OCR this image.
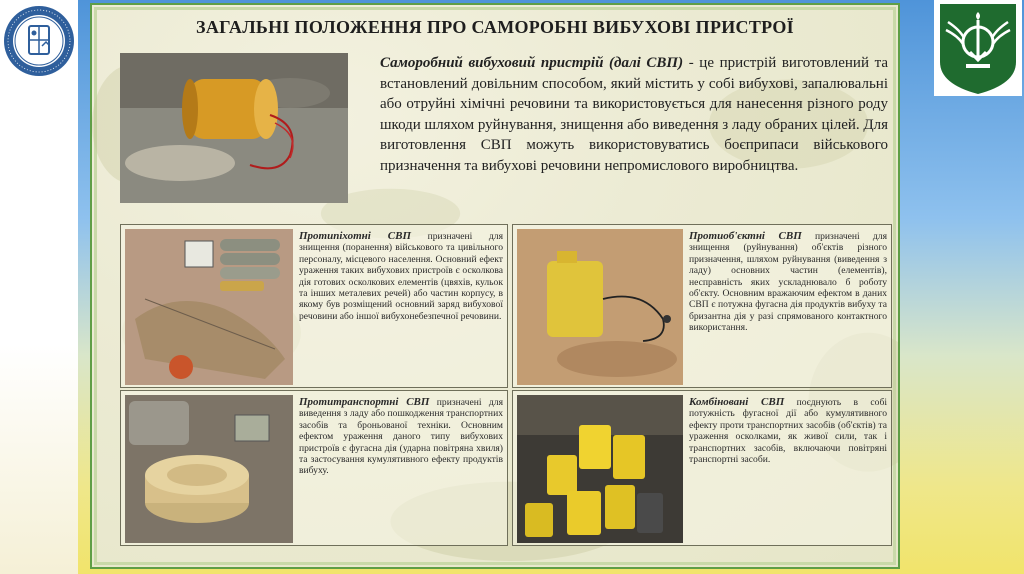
ЗАГАЛЬНІ ПОЛОЖЕННЯ ПРО САМОРОБНІ ВИБУХОВІ ПРИСТРОЇ
Саморобний вибуховий пристрій (далі СВП) - це пристрій виготовлений та встановлений довільним способом, який містить у собі вибухові, запалювальні або отруйні хімічні речовини та використовується для нанесення різного роду шкоди шляхом руйнування, знищення або виведення з ладу обраних цілей. Для виготовлення СВП можуть використовуватись боєприпаси військового призначення та вибухові речовини непромислового виробництва.
Протипіхотні СВП призначені для знищення (поранення) військового та цивільного персоналу, місцевого населення. Основний ефект ураження таких вибухових пристроїв є осколкова дія готових осколкових елементів (цвяхів, кульок та інших металевих речей) або частин корпусу, в якому був розміщений основний заряд вибухової речовини або іншої вибухонебезпечної речовини.
Протиоб'єктні СВП призначені для знищення (руйнування) об'єктів різного призначення, шляхом руйнування (виведення з ладу) основних частин (елементів), несправність яких ускладнювало б роботу об'єкту. Основним вражаючим ефектом в даних СВП є потужна фугасна дія продуктів вибуху та бризантна дія у разі спрямованого контактного використання.
Протитранспортні СВП призначені для виведення з ладу або пошкодження транспортних засобів та броньованої техніки. Основним ефектом ураження даного типу вибухових пристроїв є фугасна дія (ударна повітряна хвиля) та застосування кумулятивного ефекту продуктів вибуху.
Комбіновані СВП поєднують в собі потужність фугасної дії або кумулятивного ефекту проти транспортних засобів (об'єктів) та ураження осколками, як живої сили, так і транспортних засобів, включаючи повітряні транспортні засоби.
